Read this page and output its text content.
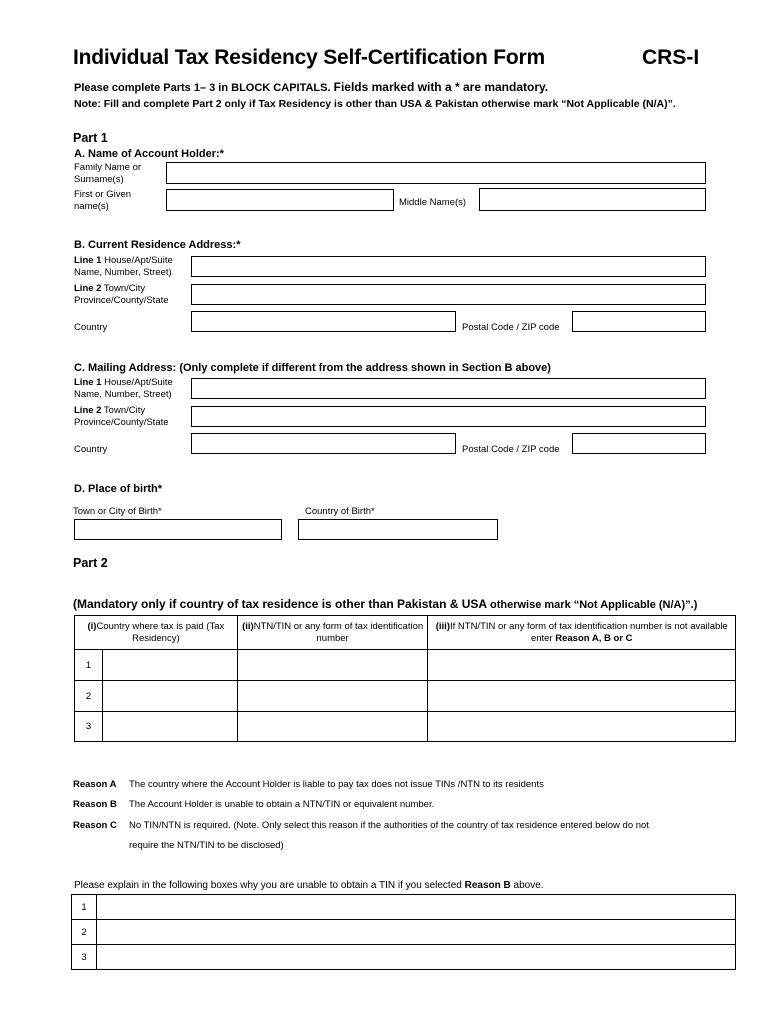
Individual Tax Residency Self-Certification Form	CRS-I
Please complete Parts 1– 3 in BLOCK CAPITALS. Fields marked with a * are mandatory.
Note: Fill and complete Part 2 only if Tax Residency is other than USA & Pakistan otherwise mark “Not Applicable (N/A)”.
Part 1
A. Name of Account Holder:*
Family Name or Surname(s)
First or Given name(s)	Middle Name(s)
B. Current Residence Address:*
Line 1 House/Apt/Suite Name, Number, Street)
Line 2 Town/City Province/County/State
Country	Postal Code / ZIP code
C. Mailing Address: (Only complete if different from the address shown in Section B above)
Line 1 House/Apt/Suite Name, Number, Street)
Line 2 Town/City Province/County/State
Country	Postal Code / ZIP code
D. Place of birth*
Town or City of Birth*	Country of Birth*
Part 2
(Mandatory only if country of tax residence is other than Pakistan & USA otherwise mark “Not Applicable (N/A)”.)
(i)Country where tax is paid (Tax Residency)		(ii)NTN/TIN or any form of tax identification number	(iii)If NTN/TIN or any form of tax identification number is not available enter Reason A, B or C
1			
2			
3			
Reason A The country where the Account Holder is liable to pay tax does not issue TINs /NTN to its residents
Reason B The Account Holder is unable to obtain a NTN/TIN or equivalent number.
Reason C No TIN/NTN is required. (Note. Only select this reason if the authorities of the country of tax residence entered below do not
require the NTN/TIN to be disclosed)
Please explain in the following boxes why you are unable to obtain a TIN if you selected Reason B above.
1	
2	
3	
